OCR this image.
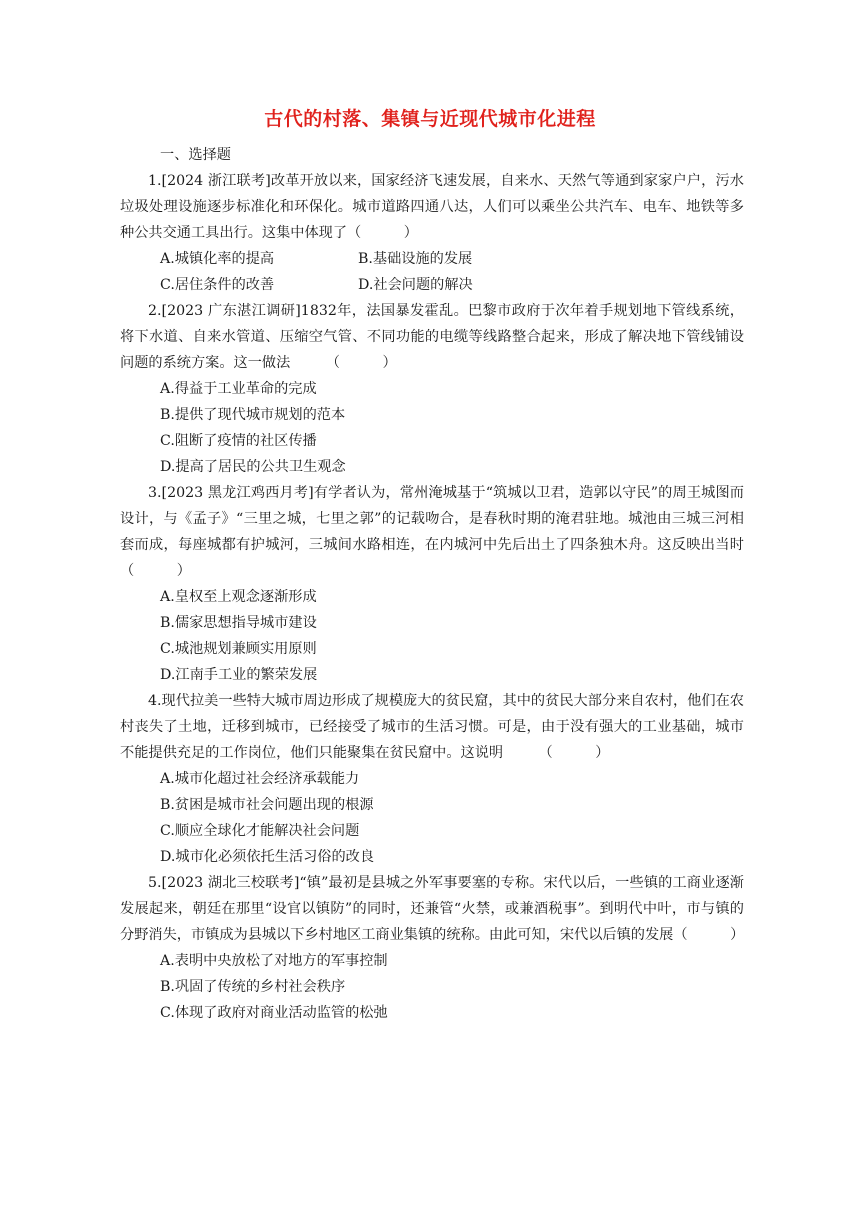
古代的村落、集镇与近现代城市化进程

一、选择题

1.[2024 浙江联考]改革开放以来，国家经济飞速发展，自来水、天然气等通到家家户户，污水垃圾处理设施逐步标准化和环保化。城市道路四通八达，人们可以乘坐公共汽车、电车、地铁等多种公共交通工具出行。这集中体现了（　　　）

A.城镇化率的提高	B.基础设施的发展

C.居住条件的改善	D.社会问题的解决

2.[2023 广东湛江调研]1832年，法国暴发霍乱。巴黎市政府于次年着手规划地下管线系统，将下水道、自来水管道、压缩空气管、不同功能的电缆等线路整合起来，形成了解决地下管线铺设问题的系统方案。这一做法　　　（　　　）

A.得益于工业革命的完成

B.提供了现代城市规划的范本

C.阻断了疫情的社区传播

D.提高了居民的公共卫生观念

3.[2023 黑龙江鸡西月考]有学者认为，常州淹城基于“筑城以卫君，造郭以守民”的周王城图而设计，与《孟子》“三里之城，七里之郭”的记载吻合，是春秋时期的淹君驻地。城池由三城三河相套而成，每座城都有护城河，三城间水路相连，在内城河中先后出土了四条独木舟。这反映出当时（　　　）

A.皇权至上观念逐渐形成

B.儒家思想指导城市建设

C.城池规划兼顾实用原则

D.江南手工业的繁荣发展

4.现代拉美一些特大城市周边形成了规模庞大的贫民窟，其中的贫民大部分来自农村，他们在农村丧失了土地，迁移到城市，已经接受了城市的生活习惯。可是，由于没有强大的工业基础，城市不能提供充足的工作岗位，他们只能聚集在贫民窟中。这说明　　　（　　　）

A.城市化超过社会经济承载能力

B.贫困是城市社会问题出现的根源

C.顺应全球化才能解决社会问题

D.城市化必须依托生活习俗的改良

5.[2023 湖北三校联考]“镇”最初是县城之外军事要塞的专称。宋代以后，一些镇的工商业逐渐发展起来，朝廷在那里“设官以镇防”的同时，还兼管“火禁，或兼酒税事”。到明代中叶，市与镇的分野消失，市镇成为县城以下乡村地区工商业集镇的统称。由此可知，宋代以后镇的发展（　　　）

A.表明中央放松了对地方的军事控制

B.巩固了传统的乡村社会秩序

C.体现了政府对商业活动监管的松弛
